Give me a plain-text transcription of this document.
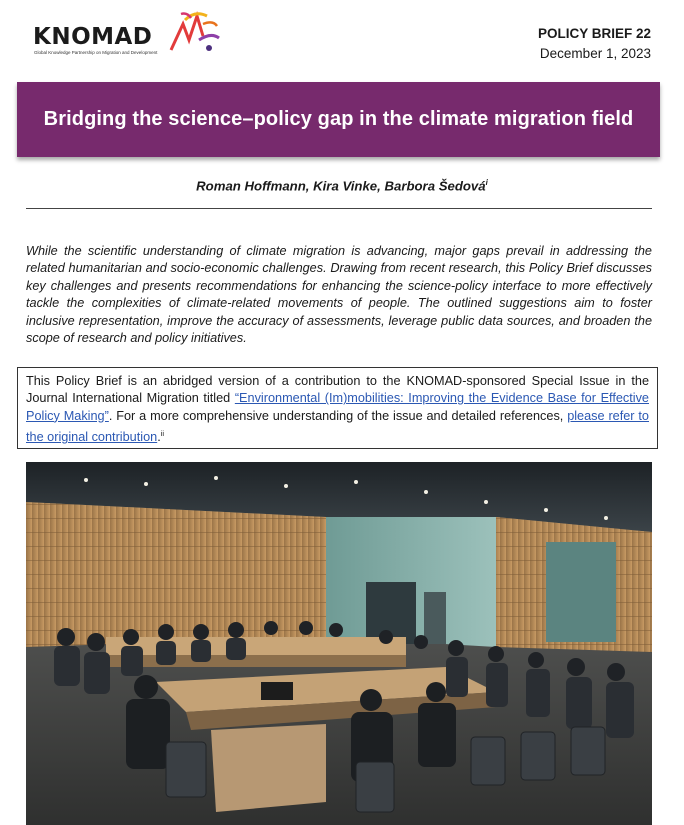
KNOMAD
Global Knowledge Partnership on Migration and Development
POLICY BRIEF 22
December 1, 2023
Bridging the science–policy gap in the climate migration field
Roman Hoffmann, Kira Vinke, Barbora Šedová$^i$

While the scientific understanding of climate migration is advancing, major gaps prevail in addressing the related humanitarian and socio-economic challenges. Drawing from recent research, this Policy Brief discusses key challenges and presents recommendations for enhancing the science-policy interface to more effectively tackle the complexities of climate-related movements of people. The outlined suggestions aim to foster inclusive representation, improve the accuracy of assessments, leverage public data sources, and broaden the scope of research and policy initiatives.

This Policy Brief is an abridged version of a contribution to the KNOMAD-sponsored Special Issue in the Journal International Migration titled “Environmental (Im)mobilities: Improving the Evidence Base for Effective Policy Making”. For a more comprehensive understanding of the issue and detailed references, please refer to the original contribution.$^{ii}$
